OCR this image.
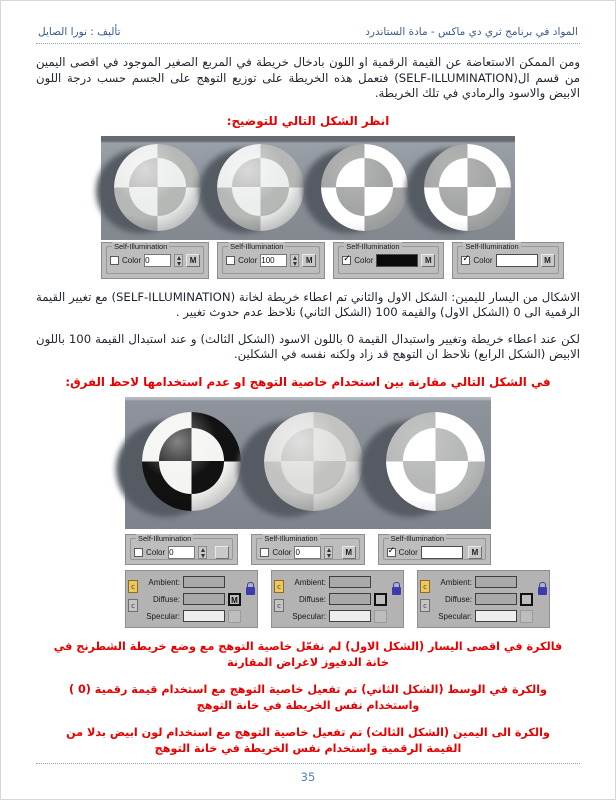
تأليف : نورا الصايل	المواد في برنامج ثري دي ماكس - مادة الستاندرد

ومن الممكن الاستعاضة عن القيمة الرقمية او اللون بادخال خريطة في المربع الصغير الموجود في اقصى اليمين من قسم ال(SELF-ILLUMINATION) فتعمل هذه الخريطة على توزيع التوهج على الجسم حسب درجة اللون الابيض والاسود والرمادي في تلك الخريطة.

انظر الشكل التالي للتوضيح:
Self-Illumination
Color 0	M
Self-Illumination
Color 100	M
Self-Illumination
✓
Color	M
Self-Illumination
✓
Color	M

الاشكال من اليسار لليمين: الشكل الاول والثاني تم اعطاء خريطة لخانة (SELF-ILLUMINATION) مع تغيير القيمة الرقمية الى 0 (الشكل الاول) والقيمة 100 (الشكل الثاني) نلاحظ عدم حدوث تغيير .

لكن عند اعطاء خريطة وتغيير واستبدال القيمة 0 باللون الاسود (الشكل الثالث) و عند استبدال القيمة 100 باللون الابيض (الشكل الرابع) نلاحظ ان التوهج قد زاد ولكنه نفسه في الشكلين.

في الشكل التالي مقارنة بين استخدام خاصية التوهج او عدم استخدامها لاحظ الفرق:
Self-Illumination
Color 0
Self-Illumination
Color 0	M
Self-Illumination
✓
Color	M
c
c
Ambient:
Diffuse:	M
Specular:
c
c
Ambient:
Diffuse:
Specular:
c
c
Ambient:
Diffuse:
Specular:

فالكرة في اقصى اليسار (الشكل الاول) لم نفعّل خاصية التوهج مع وضع خريطة الشطرنج في خانة الدفيوز لاغراض المقارنة

والكرة في الوسط (الشكل الثاني) تم تفعيل خاصية التوهج مع استخدام قيمة رقمية (0 ) واستخدام نفس الخريطة في خانة التوهج

والكرة الى اليمين (الشكل الثالث) تم تفعيل خاصية التوهج مع استخدام لون ابيض بدلا من القيمة الرقمية واستخدام نفس الخريطة في خانة التوهج

35
